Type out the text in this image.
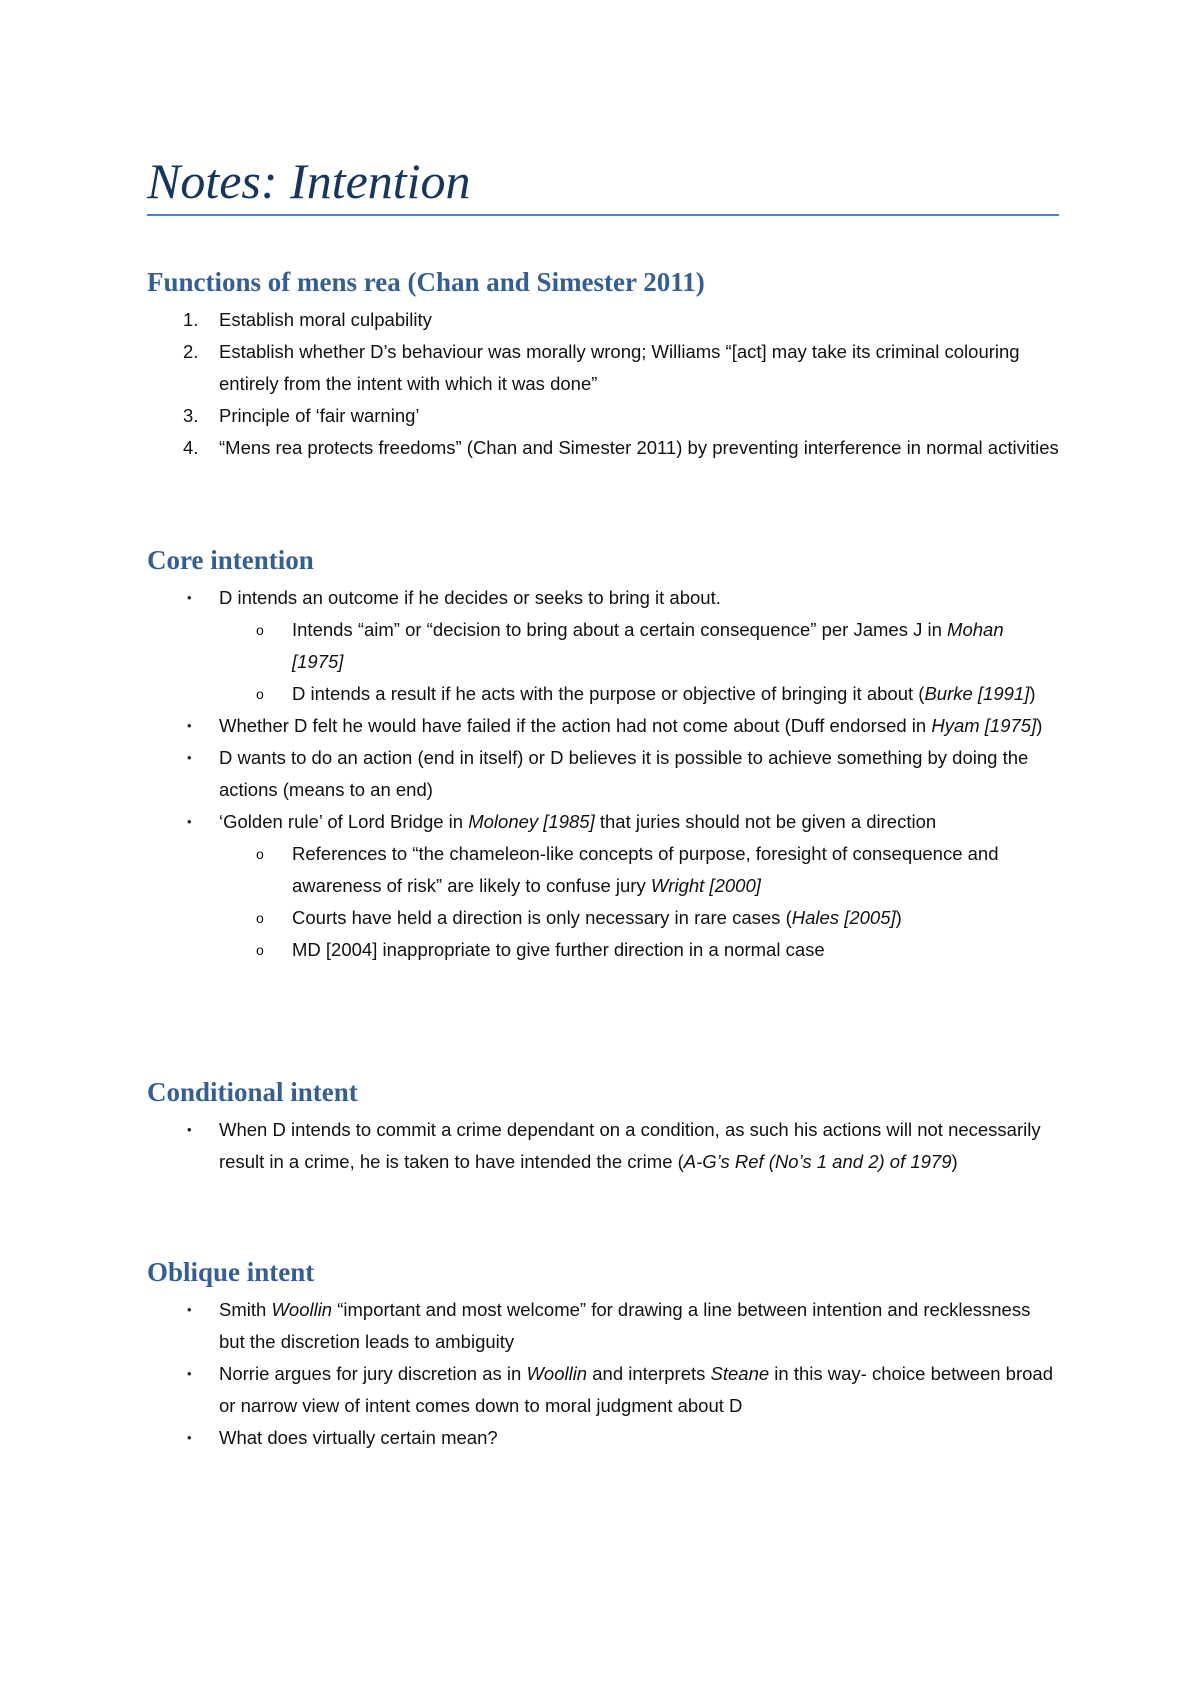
Notes: Intention
Functions of mens rea (Chan and Simester 2011)
1.	Establish moral culpability
2.	Establish whether D’s behaviour was morally wrong; Williams “[act] may take its criminal colouring entirely from the intent with which it was done”
3.	Principle of ‘fair warning’
4.	“Mens rea protects freedoms” (Chan and Simester 2011) by preventing interference in normal activities
Core intention
•	D intends an outcome if he decides or seeks to bring it about.
o	Intends “aim” or “decision to bring about a certain consequence” per James J in Mohan [1975]
o	D intends a result if he acts with the purpose or objective of bringing it about (Burke [1991])
•	Whether D felt he would have failed if the action had not come about (Duff endorsed in Hyam [1975])
•	D wants to do an action (end in itself) or D believes it is possible to achieve something by doing the actions (means to an end)
•	‘Golden rule’ of Lord Bridge in Moloney [1985] that juries should not be given a direction
o	References to “the chameleon-like concepts of purpose, foresight of consequence and awareness of risk” are likely to confuse jury Wright [2000]
o	Courts have held a direction is only necessary in rare cases (Hales [2005])
o	MD [2004] inappropriate to give further direction in a normal case
Conditional intent
•	When D intends to commit a crime dependant on a condition, as such his actions will not necessarily result in a crime, he is taken to have intended the crime (A-G’s Ref (No’s 1 and 2) of 1979)
Oblique intent
•	Smith Woollin “important and most welcome” for drawing a line between intention and recklessness but the discretion leads to ambiguity
•	Norrie argues for jury discretion as in Woollin and interprets Steane in this way- choice between broad or narrow view of intent comes down to moral judgment about D
•	What does virtually certain mean?
